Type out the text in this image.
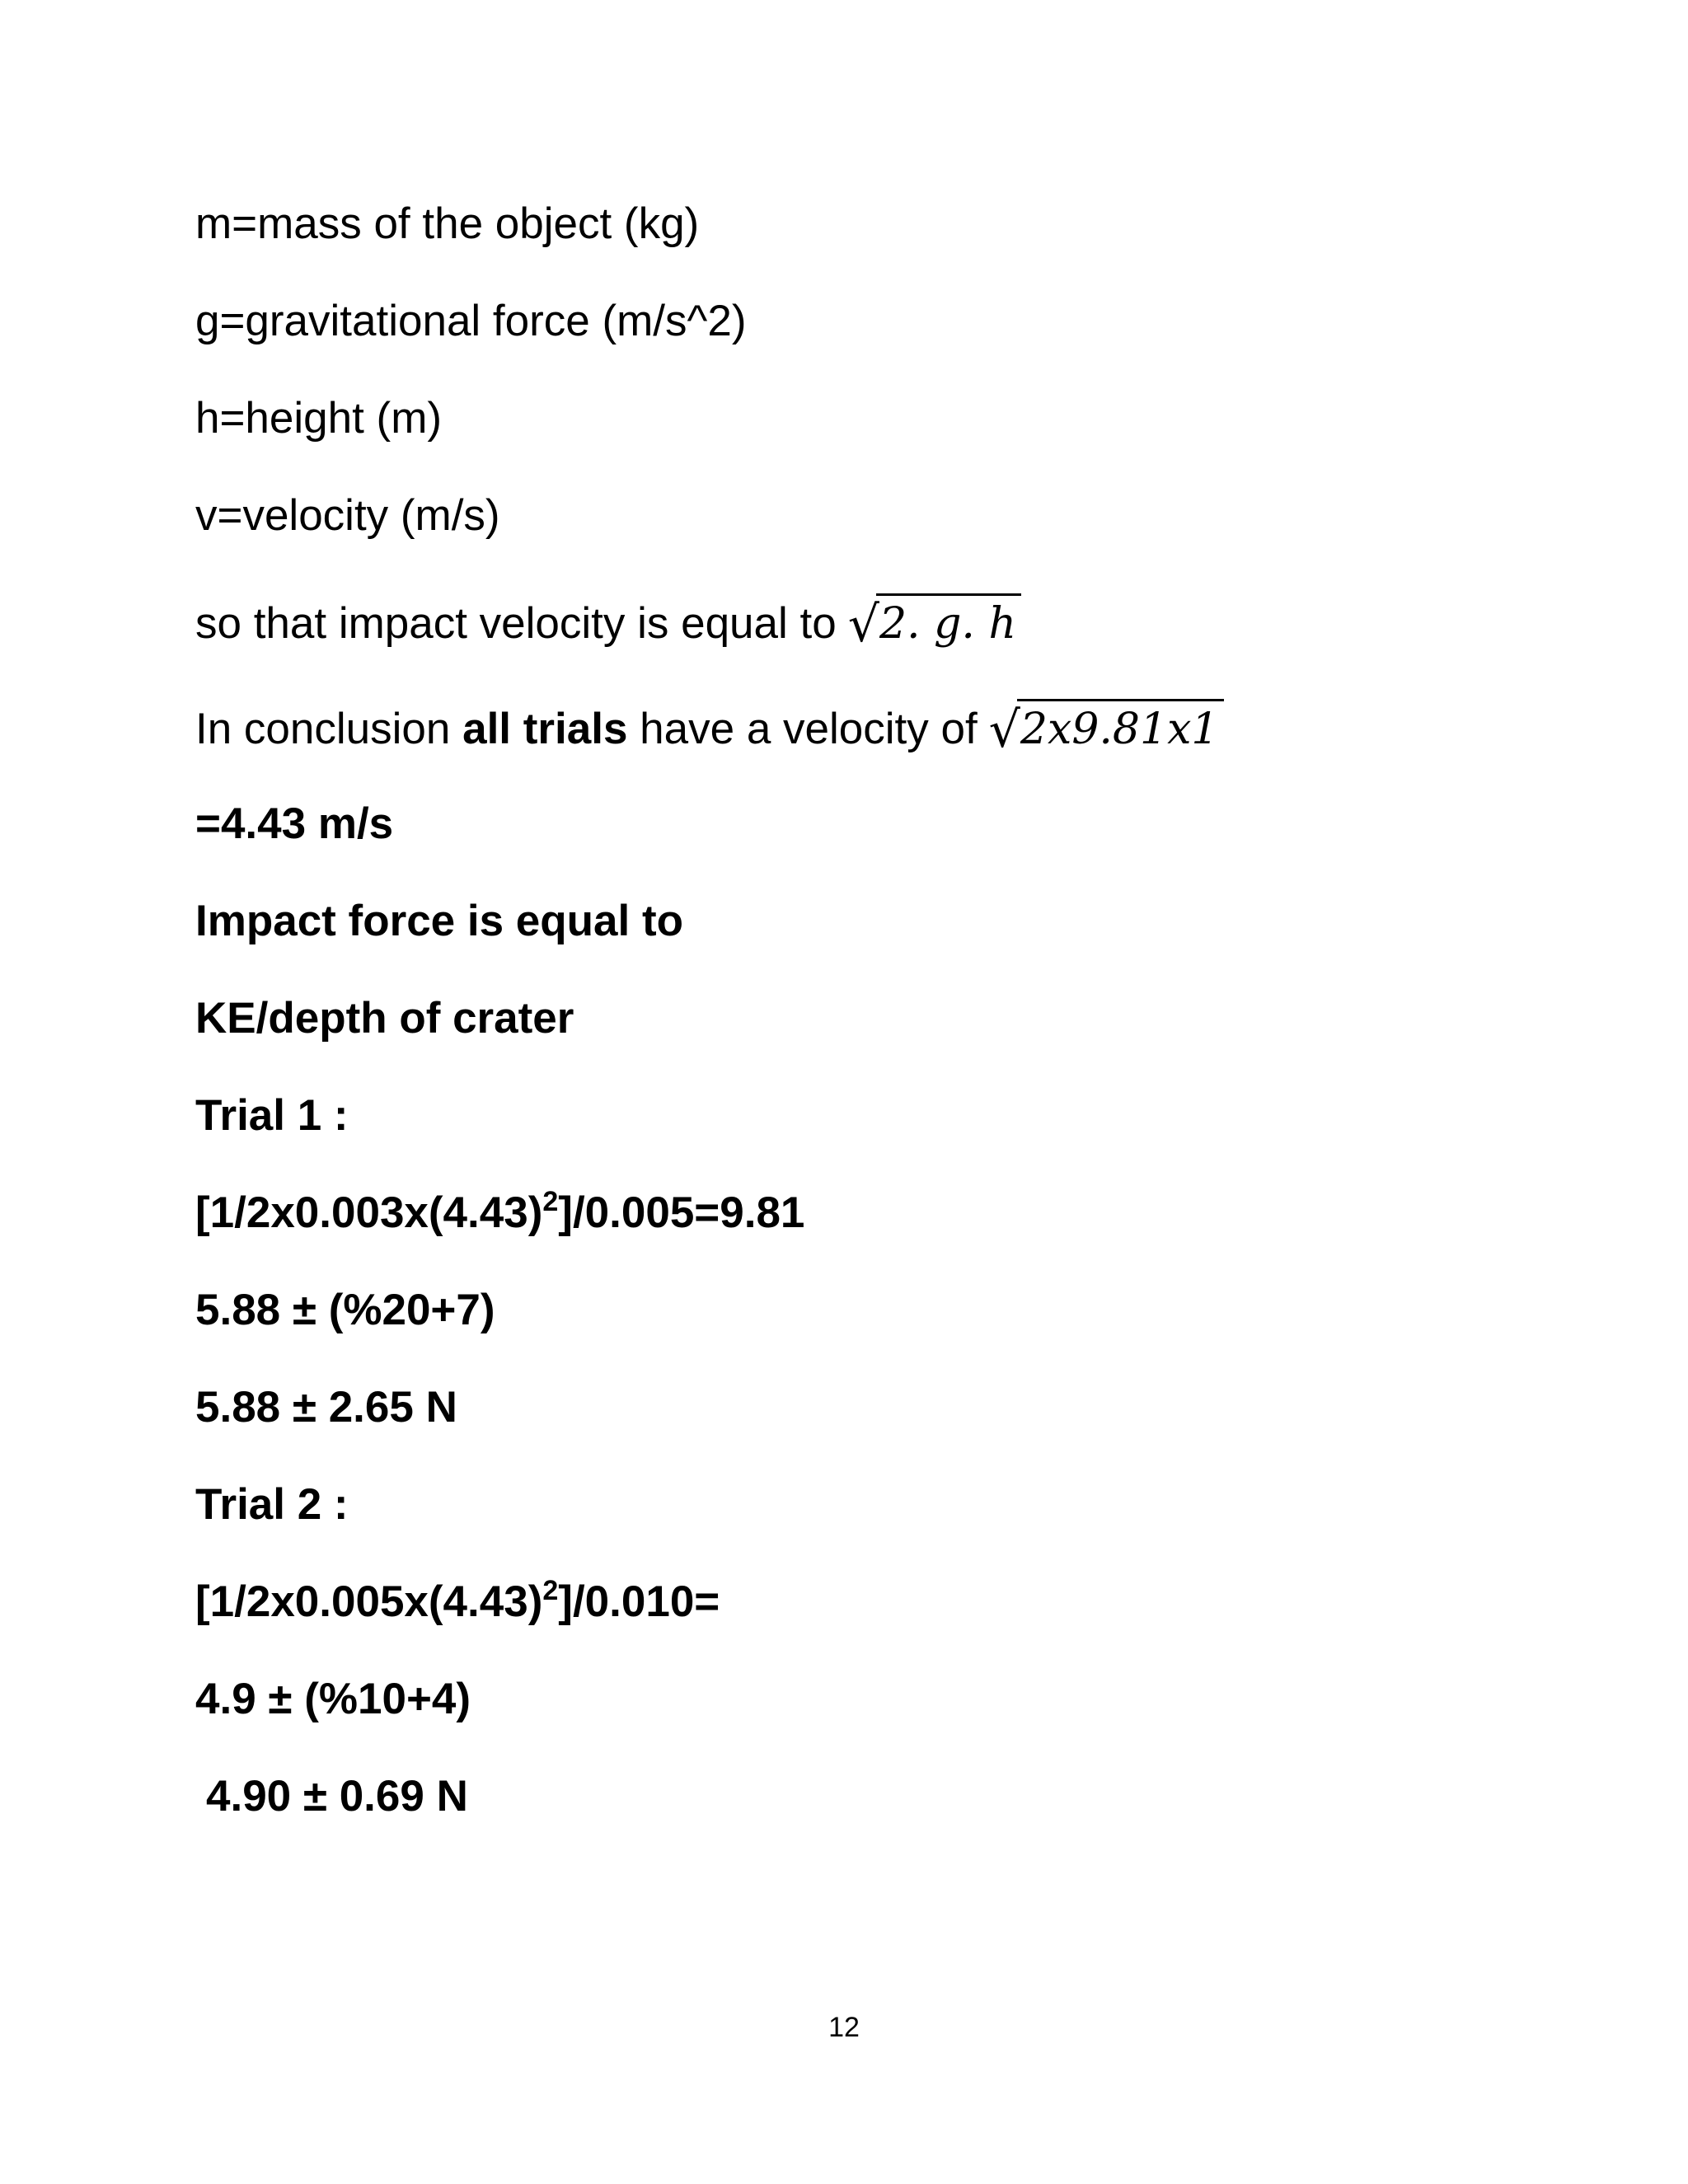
m=mass of the object (kg)
g=gravitational force (m/s^2)
h=height (m)
v=velocity (m/s)
so that impact velocity is equal to √2. g. h
In conclusion all trials have a velocity of √2x9.81x1
=4.43 m/s
Impact force is equal to
KE/depth of crater
Trial 1 :
$[1/2x0.003x(4.43)^2]/0.005=9.81$
5.88 ± (%20+7)
5.88 ± 2.65 N
Trial 2 :
$[1/2x0.005x(4.43)^2]/0.010=$
4.9 ± (%10+4)
4.90 ± 0.69 N
12
